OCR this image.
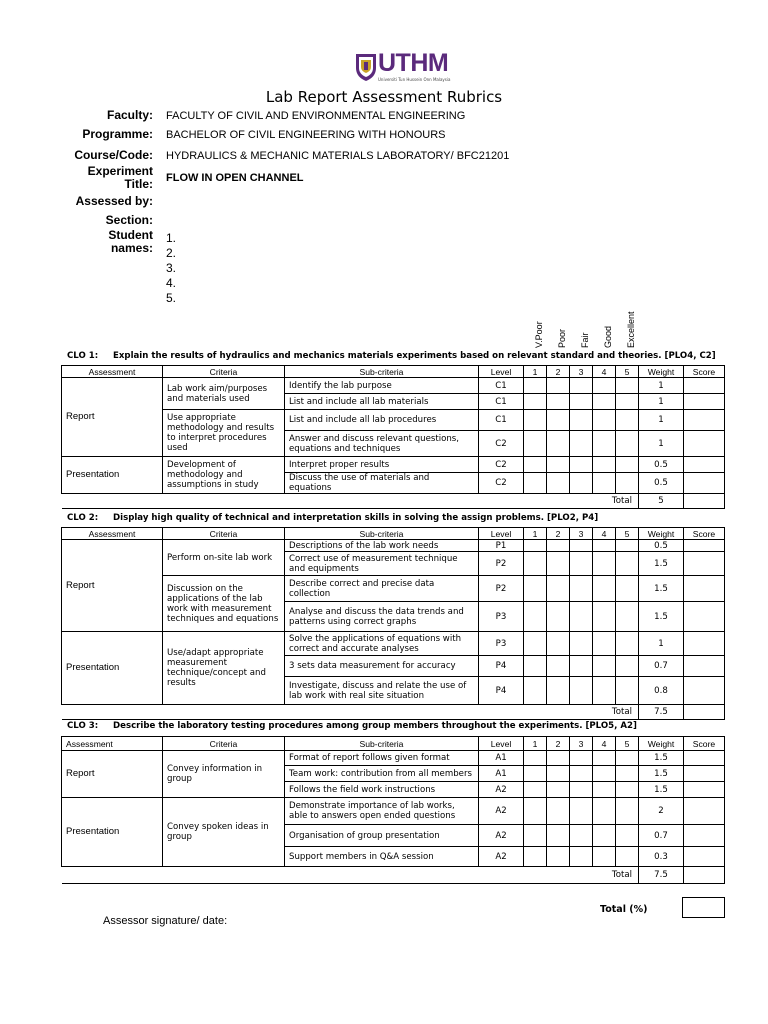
UTHM
Universiti Tun Hussein Onn Malaysia
Lab Report Assessment Rubrics
Faculty: FACULTY OF CIVIL AND ENVIRONMENTAL ENGINEERING
Programme: BACHELOR OF CIVIL ENGINEERING WITH HONOURS
Course/Code: HYDRAULICS & MECHANIC MATERIALS LABORATORY/ BFC21201
Experiment
Title: FLOW IN OPEN CHANNEL
Assessed by:
Section:
Student
names:
1.
2.
3.
4.
5.
V.Poor Poor Fair Good Excellent
CLO 1: Explain the results of hydraulics and mechanics materials experiments based on relevant standard and theories. [PLO4, C2]
Assessment	Criteria	Sub-criteria	Level	1	2	3	4	5	Weight	Score
Report	Lab work aim/purposes and materials used	Identify the lab purpose	C1						1	
		List and include all lab materials	C1						1	
	Use appropriate methodology and results to interpret procedures used	List and include all lab procedures	C1						1	
		Answer and discuss relevant questions, equations and techniques	C2						1	
Presentation	Development of methodology and assumptions in study	Interpret proper results	C2						0.5	
		Discuss the use of materials and equations	C2						0.5	
Total									5	
CLO 2: Display high quality of technical and interpretation skills in solving the assign problems. [PLO2, P4]
Assessment	Criteria	Sub-criteria	Level	1	2	3	4	5	Weight	Score
Report	Perform on-site lab work	Descriptions of the lab work needs	P1						0.5	
		Correct use of measurement technique and equipments	P2						1.5	
	Discussion on the applications of the lab work with measurement techniques and equations	Describe correct and precise data collection	P2						1.5	
		Analyse and discuss the data trends and patterns using correct graphs	P3						1.5	
Presentation	Use/adapt appropriate measurement technique/concept and results	Solve the applications of equations with correct and accurate analyses	P3						1	
		3 sets data measurement for accuracy	P4						0.7	
		Investigate, discuss and relate the use of lab work with real site situation	P4						0.8	
Total									7.5	
CLO 3: Describe the laboratory testing procedures among group members throughout the experiments. [PLO5, A2]
Assessment	Criteria	Sub-criteria	Level	1	2	3	4	5	Weight	Score
Report	Convey information in group	Format of report follows given format	A1						1.5	
		Team work: contribution from all members	A1						1.5	
		Follows the field work instructions	A2						1.5	
Presentation	Convey spoken ideas in group	Demonstrate importance of lab works, able to answers open ended questions	A2						2	
		Organisation of group presentation	A2						0.7	
		Support members in Q&A session	A2						0.3	
Total									7.5	
Total (%)
Assessor signature/ date:
